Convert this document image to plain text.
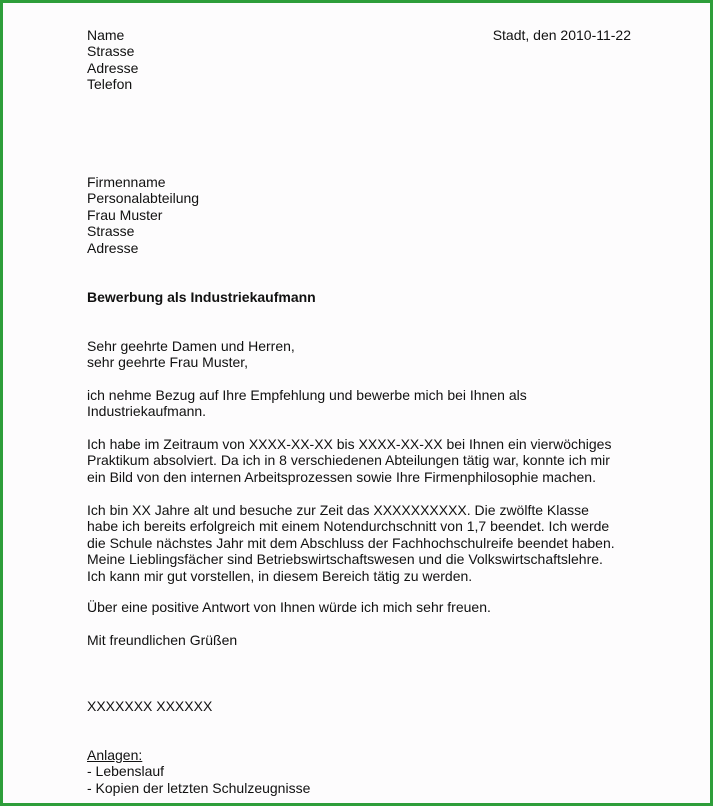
Name
Strasse
Adresse
Telefon
Stadt, den 2010-11-22
Firmenname
Personalabteilung
Frau Muster
Strasse
Adresse
Bewerbung als Industriekaufmann
Sehr geehrte Damen und Herren,
sehr geehrte Frau Muster,
ich nehme Bezug auf Ihre Empfehlung und bewerbe mich bei Ihnen als
Industriekaufmann.
Ich habe im Zeitraum von XXXX-XX-XX bis XXXX-XX-XX bei Ihnen ein vierwöchiges
Praktikum absolviert. Da ich in 8 verschiedenen Abteilungen tätig war, konnte ich mir
ein Bild von den internen Arbeitsprozessen sowie Ihre Firmenphilosophie machen.
Ich bin XX Jahre alt und besuche zur Zeit das XXXXXXXXXX. Die zwölfte Klasse
habe ich bereits erfolgreich mit einem Notendurchschnitt von 1,7 beendet. Ich werde
die Schule nächstes Jahr mit dem Abschluss der Fachhochschulreife beendet haben.
Meine Lieblingsfächer sind Betriebswirtschaftswesen und die Volkswirtschaftslehre.
Ich kann mir gut vorstellen, in diesem Bereich tätig zu werden.
Über eine positive Antwort von Ihnen würde ich mich sehr freuen.
Mit freundlichen Grüßen
XXXXXXX XXXXXX
Anlagen:
- Lebenslauf
- Kopien der letzten Schulzeugnisse
